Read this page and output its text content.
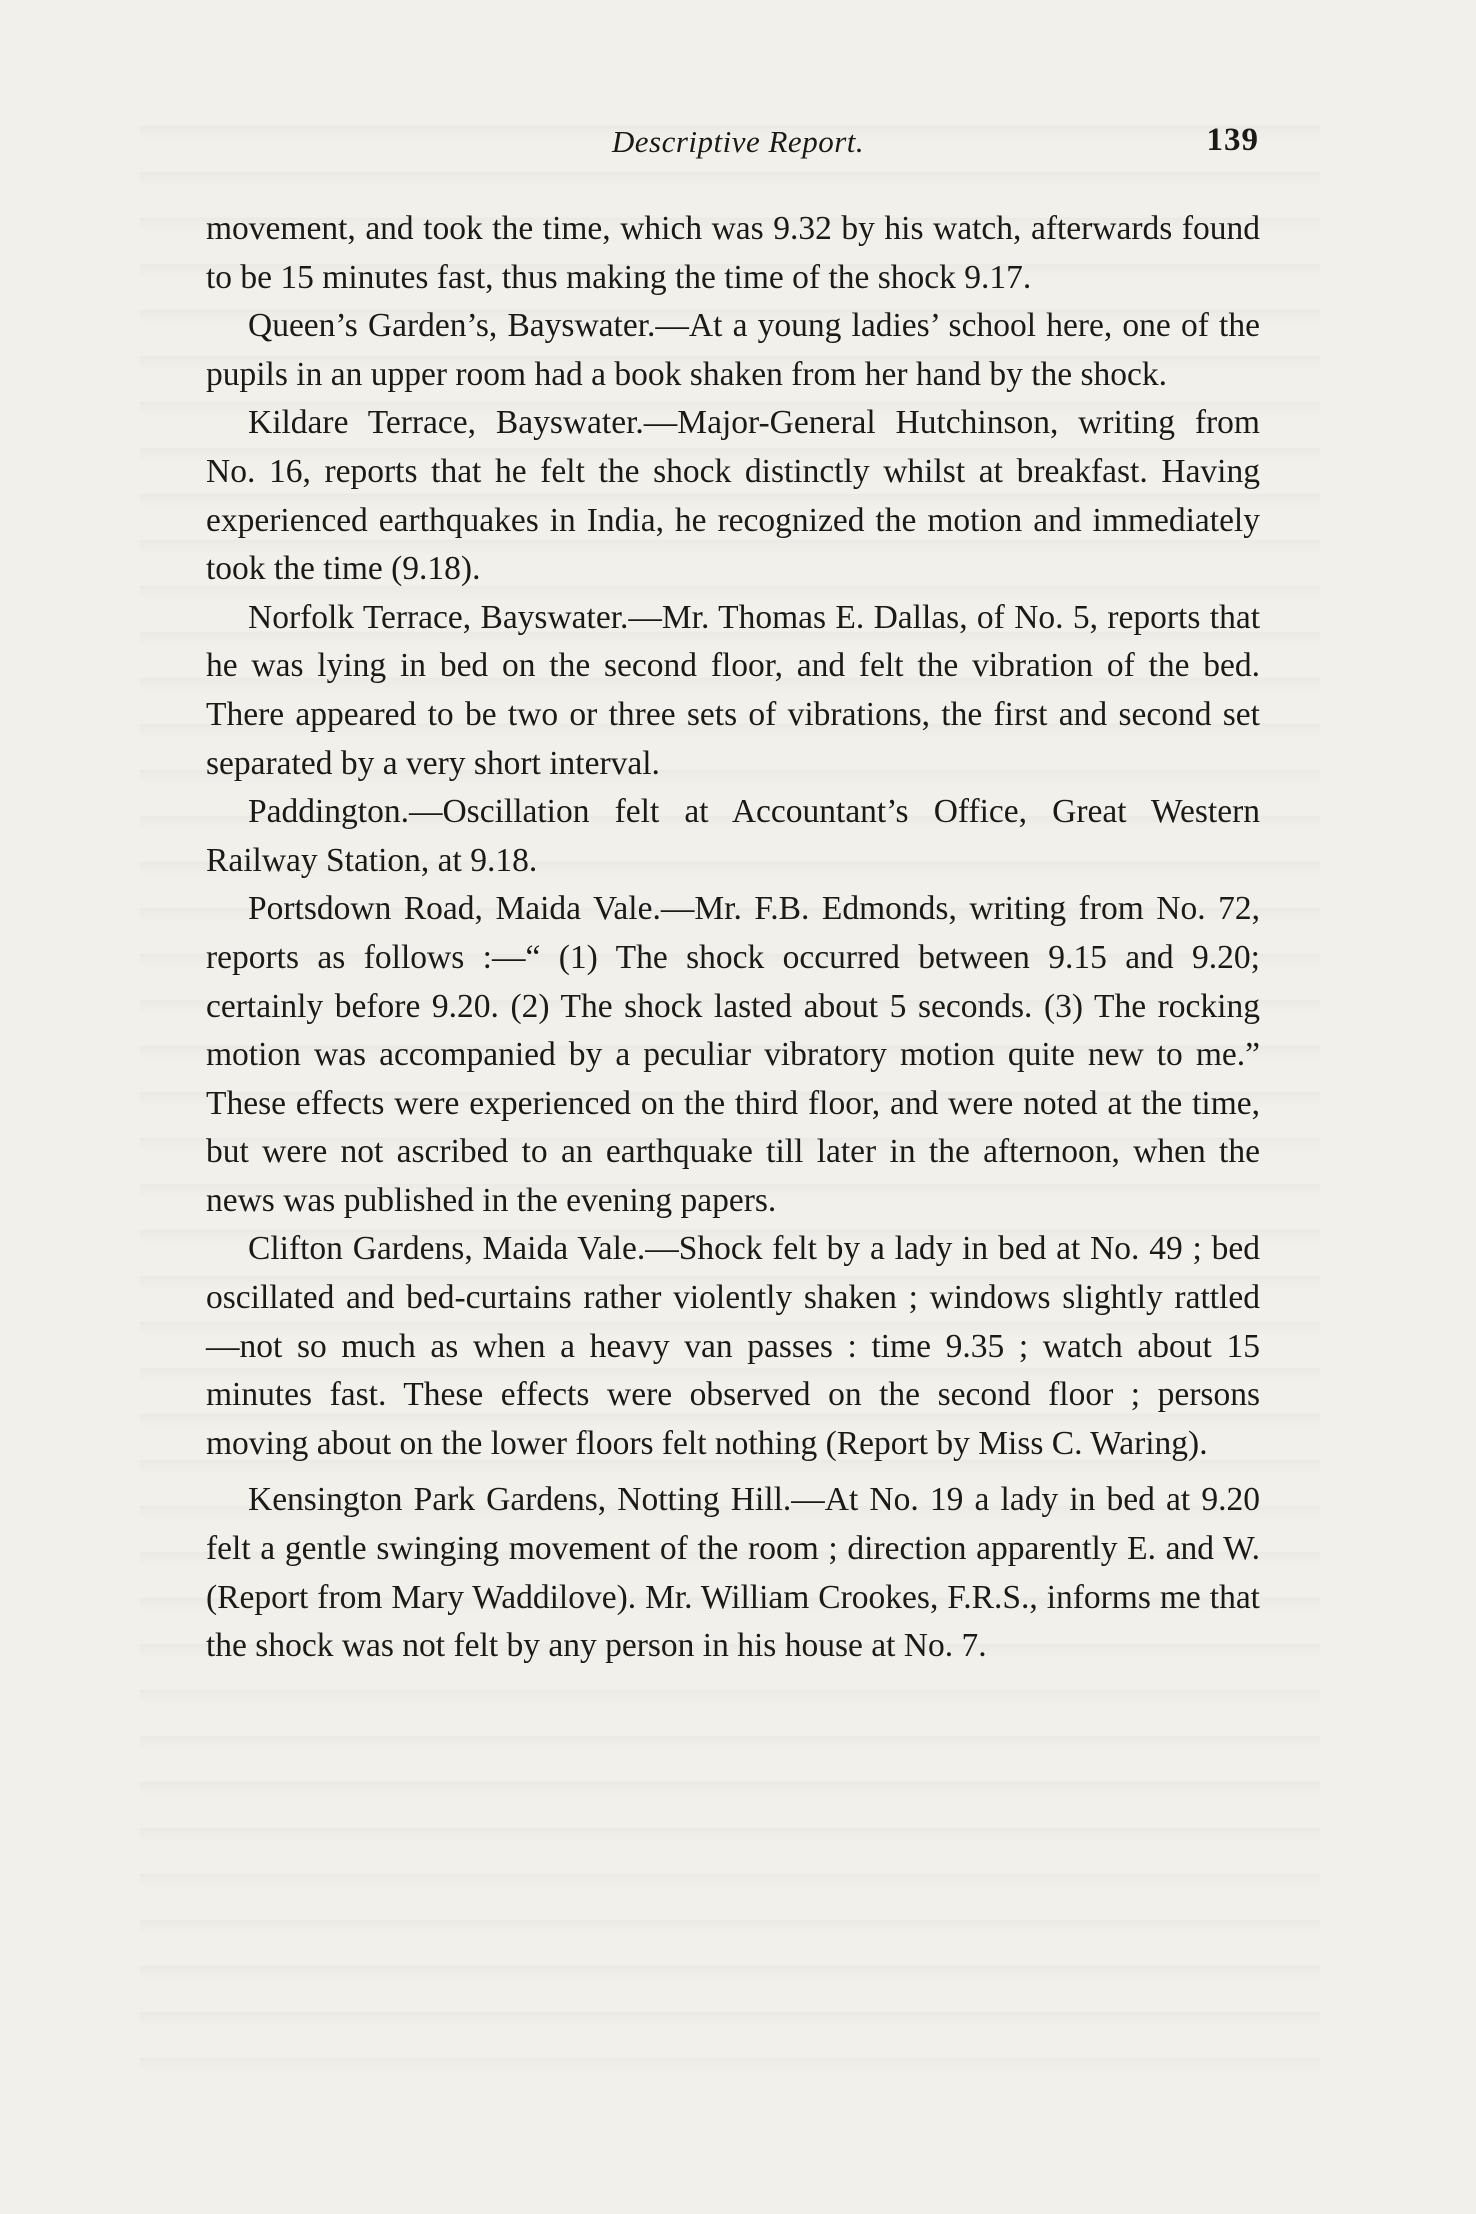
Descriptive Report.	139

movement, and took the time, which was 9.32 by his watch, afterwards found to be 15 minutes fast, thus making the time of the shock 9.17.

Queen’s Garden’s, Bayswater.—At a young ladies’ school here, one of the pupils in an upper room had a book shaken from her hand by the shock.

Kildare Terrace, Bayswater.—Major-General Hutchinson, writing from No. 16, reports that he felt the shock distinctly whilst at breakfast. Having experienced earthquakes in India, he recognized the motion and immediately took the time (9.18).

Norfolk Terrace, Bayswater.—Mr. Thomas E. Dallas, of No. 5, reports that he was lying in bed on the second floor, and felt the vibration of the bed. There appeared to be two or three sets of vibrations, the first and second set separated by a very short interval.

Paddington.—Oscillation felt at Accountant’s Office, Great Western Railway Station, at 9.18.

Portsdown Road, Maida Vale.—Mr. F.B. Edmonds, writing from No. 72, reports as follows :—“ (1) The shock occurred between 9.15 and 9.20; certainly before 9.20. (2) The shock lasted about 5 seconds. (3) The rocking motion was accompanied by a peculiar vibratory motion quite new to me.” These effects were experienced on the third floor, and were noted at the time, but were not ascribed to an earthquake till later in the afternoon, when the news was published in the evening papers.

Clifton Gardens, Maida Vale.—Shock felt by a lady in bed at No. 49 ; bed oscillated and bed-curtains rather violently shaken ; windows slightly rattled—not so much as when a heavy van passes : time 9.35 ; watch about 15 minutes fast. These effects were observed on the second floor ; persons moving about on the lower floors felt nothing (Report by Miss C. Waring).

Kensington Park Gardens, Notting Hill.—At No. 19 a lady in bed at 9.20 felt a gentle swinging movement of the room ; direction apparently E. and W. (Report from Mary Waddilove). Mr. William Crookes, F.R.S., informs me that the shock was not felt by any person in his house at No. 7.
